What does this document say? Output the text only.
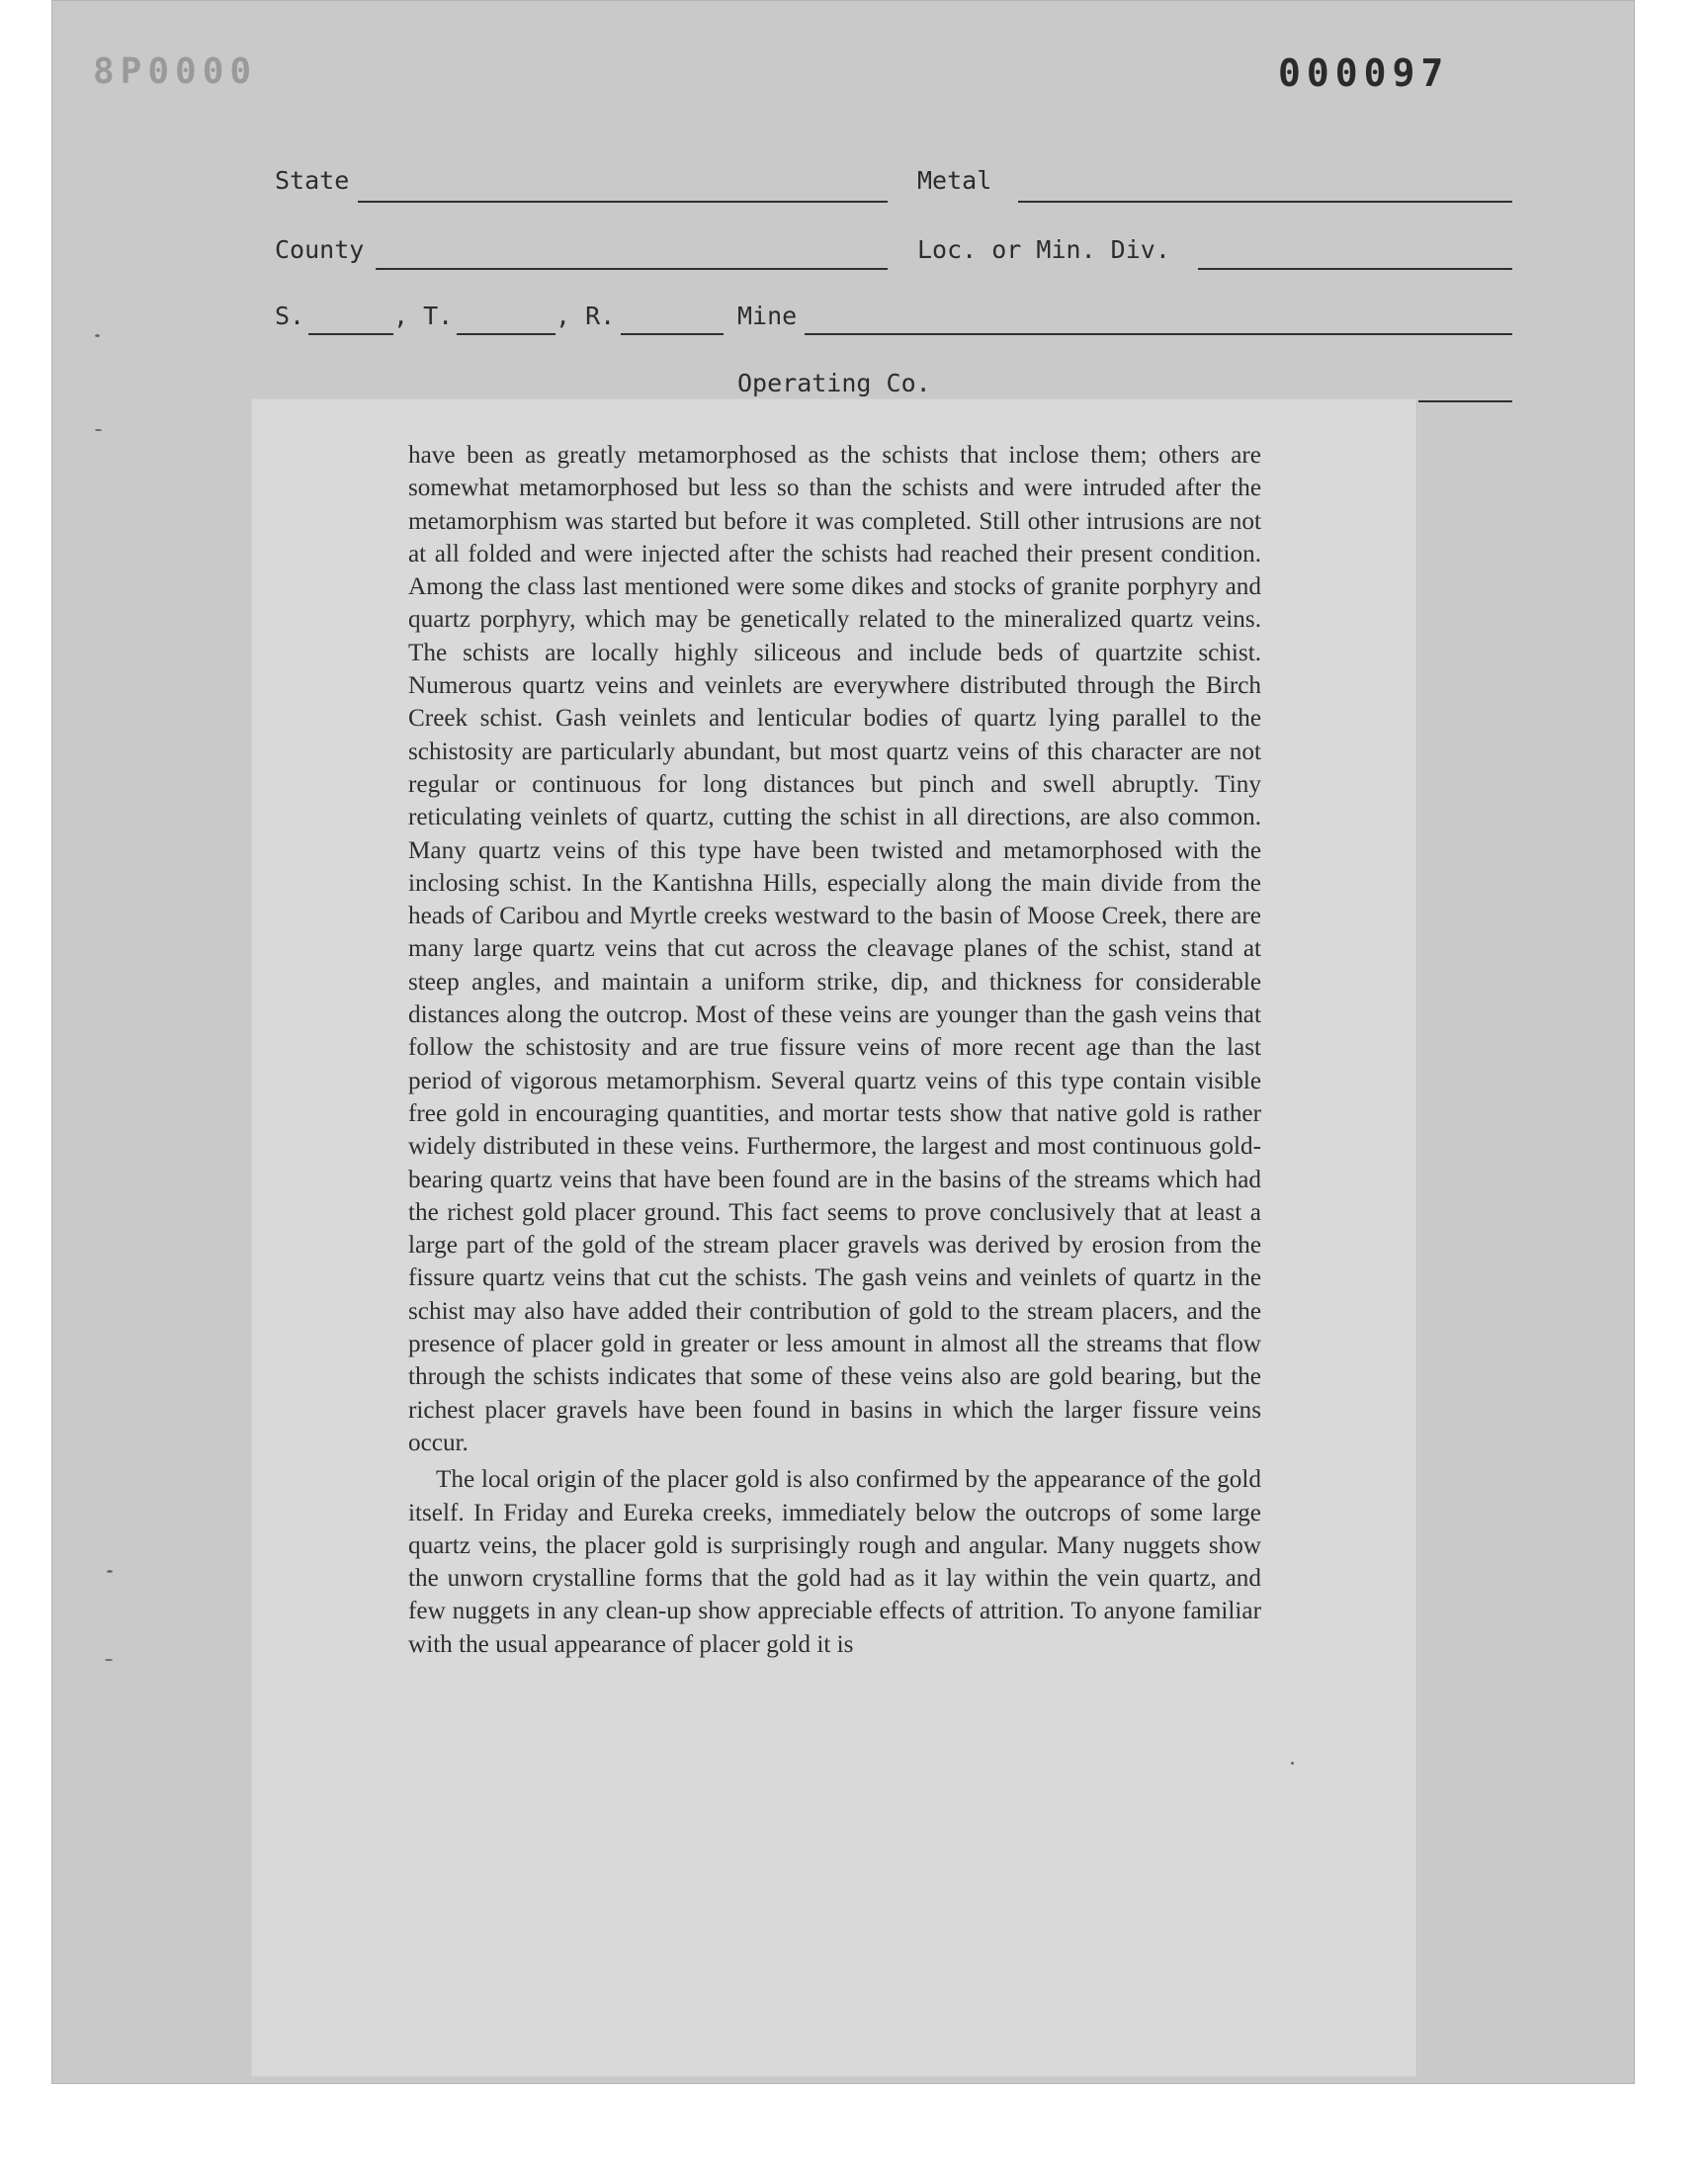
8P0000	000097
State	Metal
County	Loc. or Min. Div.
S.	, T.	, R.	Mine
Operating Co.

have been as greatly metamorphosed as the schists that inclose them; others are somewhat metamorphosed but less so than the schists and were intruded after the metamorphism was started but before it was completed. Still other intrusions are not at all folded and were injected after the schists had reached their present condition. Among the class last mentioned were some dikes and stocks of granite porphyry and quartz porphyry, which may be genetically related to the mineralized quartz veins. The schists are locally highly siliceous and include beds of quartzite schist. Numerous quartz veins and veinlets are everywhere distributed through the Birch Creek schist. Gash veinlets and lenticular bodies of quartz lying parallel to the schistosity are particularly abundant, but most quartz veins of this character are not regular or continuous for long distances but pinch and swell abruptly. Tiny reticulating veinlets of quartz, cutting the schist in all directions, are also common. Many quartz veins of this type have been twisted and metamorphosed with the inclosing schist. In the Kantishna Hills, especially along the main divide from the heads of Caribou and Myrtle creeks westward to the basin of Moose Creek, there are many large quartz veins that cut across the cleavage planes of the schist, stand at steep angles, and maintain a uniform strike, dip, and thickness for considerable distances along the outcrop. Most of these veins are younger than the gash veins that follow the schistosity and are true fissure veins of more recent age than the last period of vigorous metamorphism. Several quartz veins of this type contain visible free gold in encouraging quantities, and mortar tests show that native gold is rather widely distributed in these veins. Furthermore, the largest and most continuous gold-bearing quartz veins that have been found are in the basins of the streams which had the richest gold placer ground. This fact seems to prove conclusively that at least a large part of the gold of the stream placer gravels was derived by erosion from the fissure quartz veins that cut the schists. The gash veins and veinlets of quartz in the schist may also have added their contribution of gold to the stream placers, and the presence of placer gold in greater or less amount in almost all the streams that flow through the schists indicates that some of these veins also are gold bearing, but the richest placer gravels have been found in basins in which the larger fissure veins occur.

The local origin of the placer gold is also confirmed by the appearance of the gold itself. In Friday and Eureka creeks, immediately below the outcrops of some large quartz veins, the placer gold is surprisingly rough and angular. Many nuggets show the unworn crystalline forms that the gold had as it lay within the vein quartz, and few nuggets in any clean-up show appreciable effects of attrition. To anyone familiar with the usual appearance of placer gold it is
